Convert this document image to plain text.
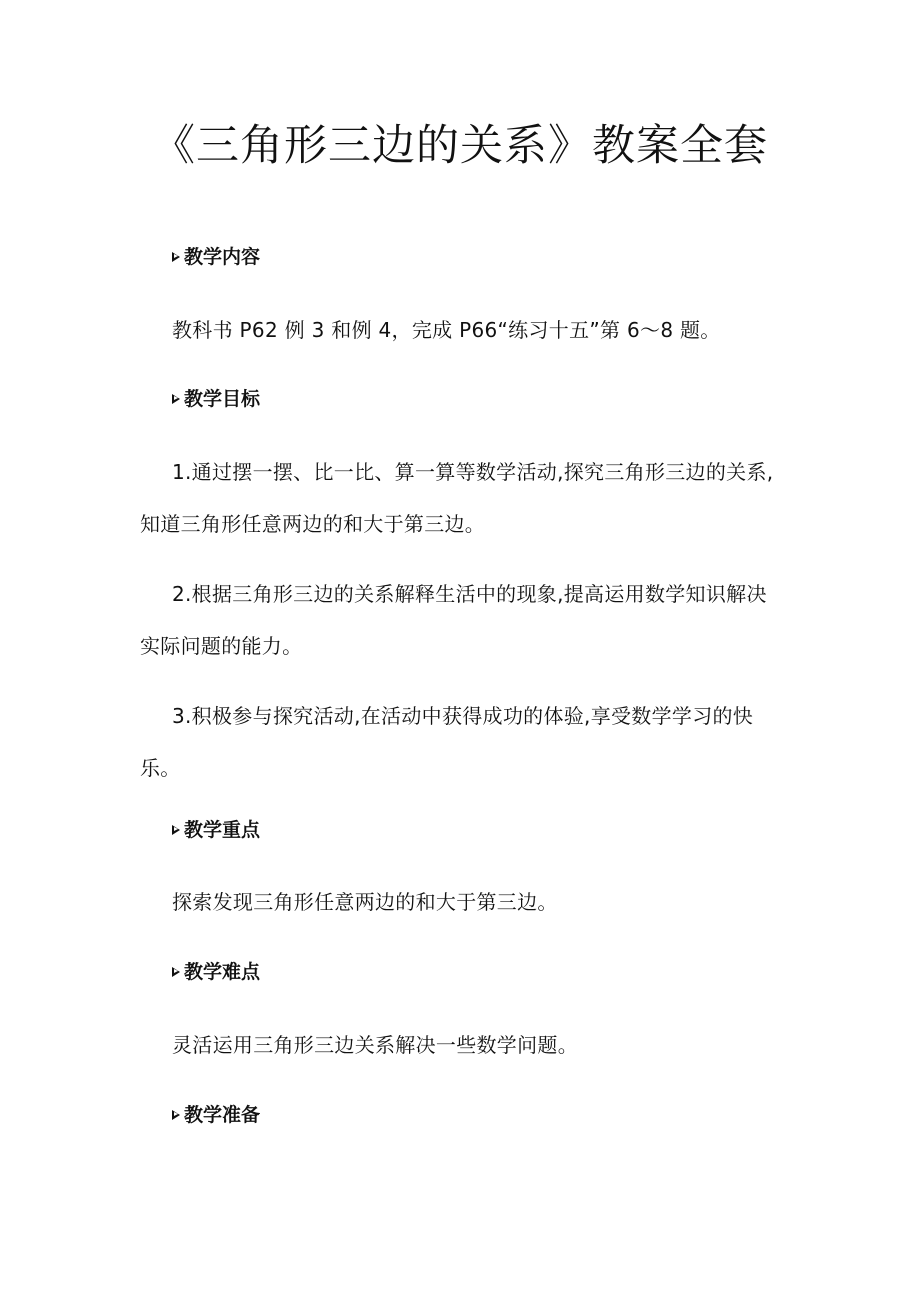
《三角形三边的关系》教案全套
教学内容

教科书 P62 例 3 和例 4，完成 P66“练习十五”第 6～8 题。

教学目标

1.通过摆一摆、比一比、算一算等数学活动,探究三角形三边的关系,知道三角形任意两边的和大于第三边。

2.根据三角形三边的关系解释生活中的现象,提高运用数学知识解决实际问题的能力。

3.积极参与探究活动,在活动中获得成功的体验,享受数学学习的快乐。

教学重点

探索发现三角形任意两边的和大于第三边。

教学难点

灵活运用三角形三边关系解决一些数学问题。

教学准备
